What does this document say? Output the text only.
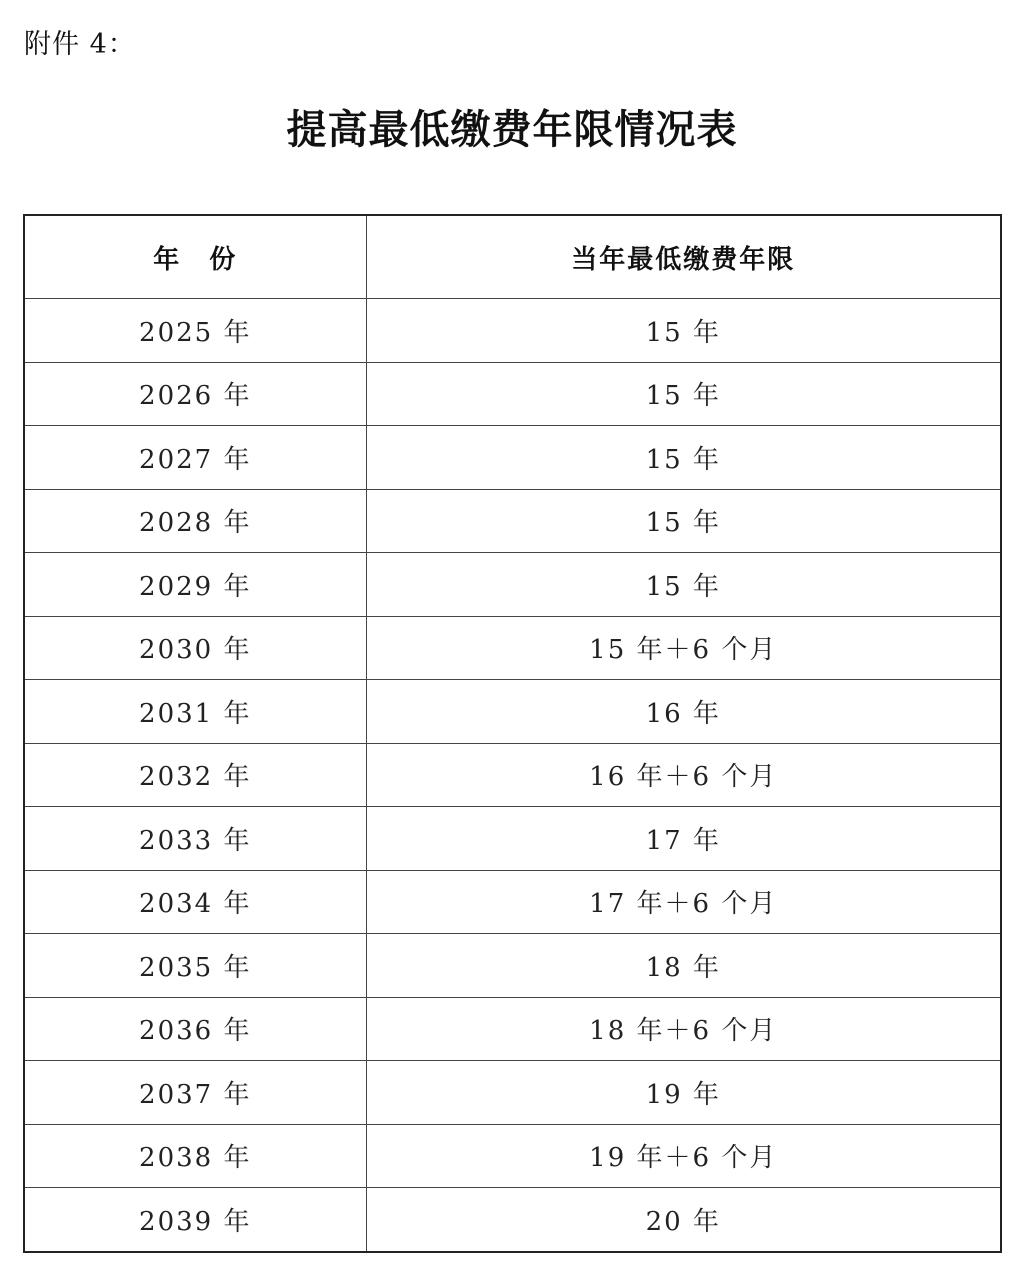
附件 4：
提高最低缴费年限情况表
年　份	当年最低缴费年限
2025 年	15 年
2026 年	15 年
2027 年	15 年
2028 年	15 年
2029 年	15 年
2030 年	15 年＋6 个月
2031 年	16 年
2032 年	16 年＋6 个月
2033 年	17 年
2034 年	17 年＋6 个月
2035 年	18 年
2036 年	18 年＋6 个月
2037 年	19 年
2038 年	19 年＋6 个月
2039 年	20 年
